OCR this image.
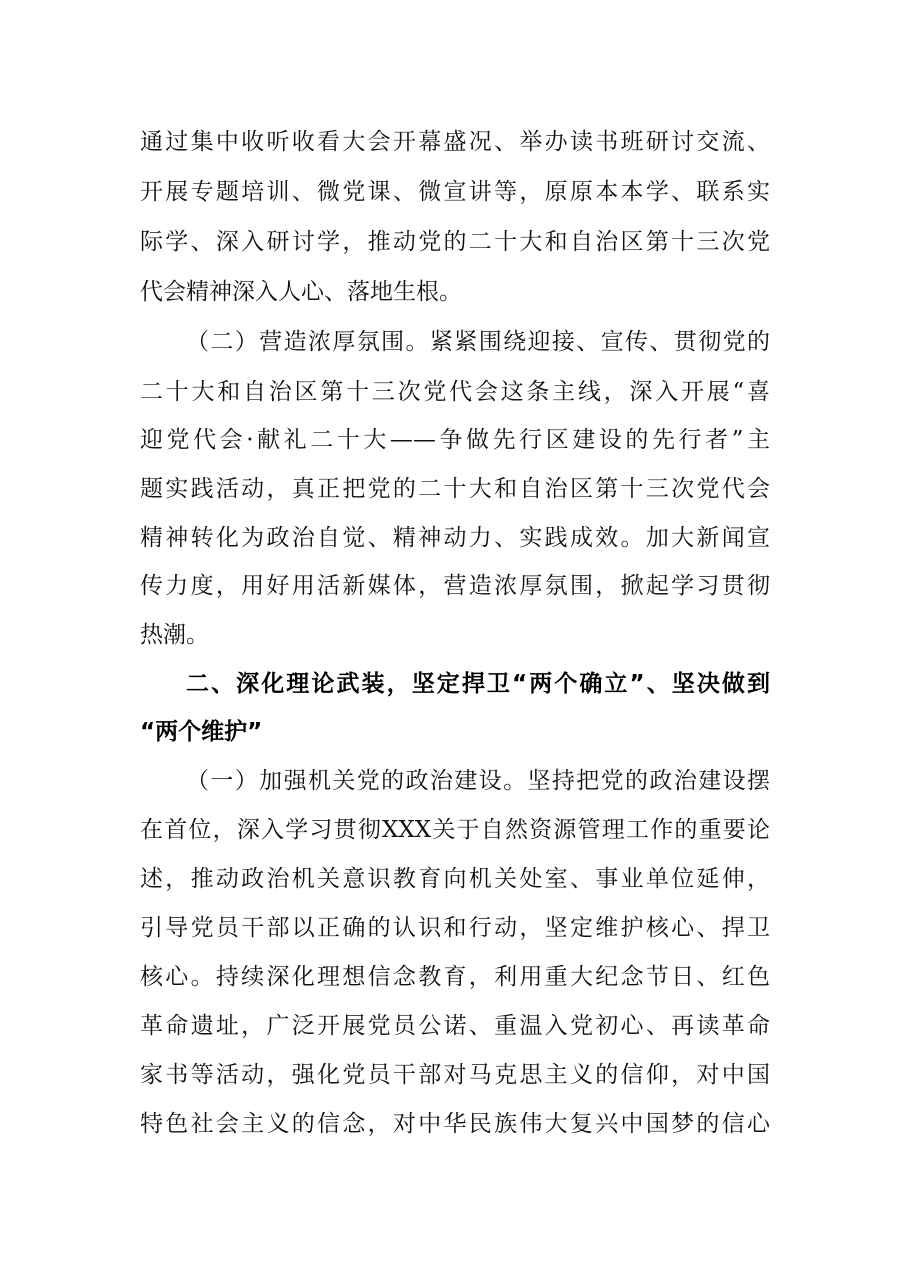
通过集中收听收看大会开幕盛况、举办读书班研讨交流、
开展专题培训、微党课、微宣讲等，原原本本学、联系实
际学、深入研讨学，推动党的二十大和自治区第十三次党
代会精神深入人心、落地生根。
（二）营造浓厚氛围。紧紧围绕迎接、宣传、贯彻党的
二十大和自治区第十三次党代会这条主线，深入开展“喜
迎党代会·献礼二十大——争做先行区建设的先行者”主
题实践活动，真正把党的二十大和自治区第十三次党代会
精神转化为政治自觉、精神动力、实践成效。加大新闻宣
传力度，用好用活新媒体，营造浓厚氛围，掀起学习贯彻
热潮。
二、深化理论武装，坚定捍卫“两个确立”、坚决做到
“两个维护”
（一）加强机关党的政治建设。坚持把党的政治建设摆
在首位，深入学习贯彻XXX关于自然资源管理工作的重要论
述，推动政治机关意识教育向机关处室、事业单位延伸，
引导党员干部以正确的认识和行动，坚定维护核心、捍卫
核心。持续深化理想信念教育，利用重大纪念节日、红色
革命遗址，广泛开展党员公诺、重温入党初心、再读革命
家书等活动，强化党员干部对马克思主义的信仰，对中国
特色社会主义的信念，对中华民族伟大复兴中国梦的信心
